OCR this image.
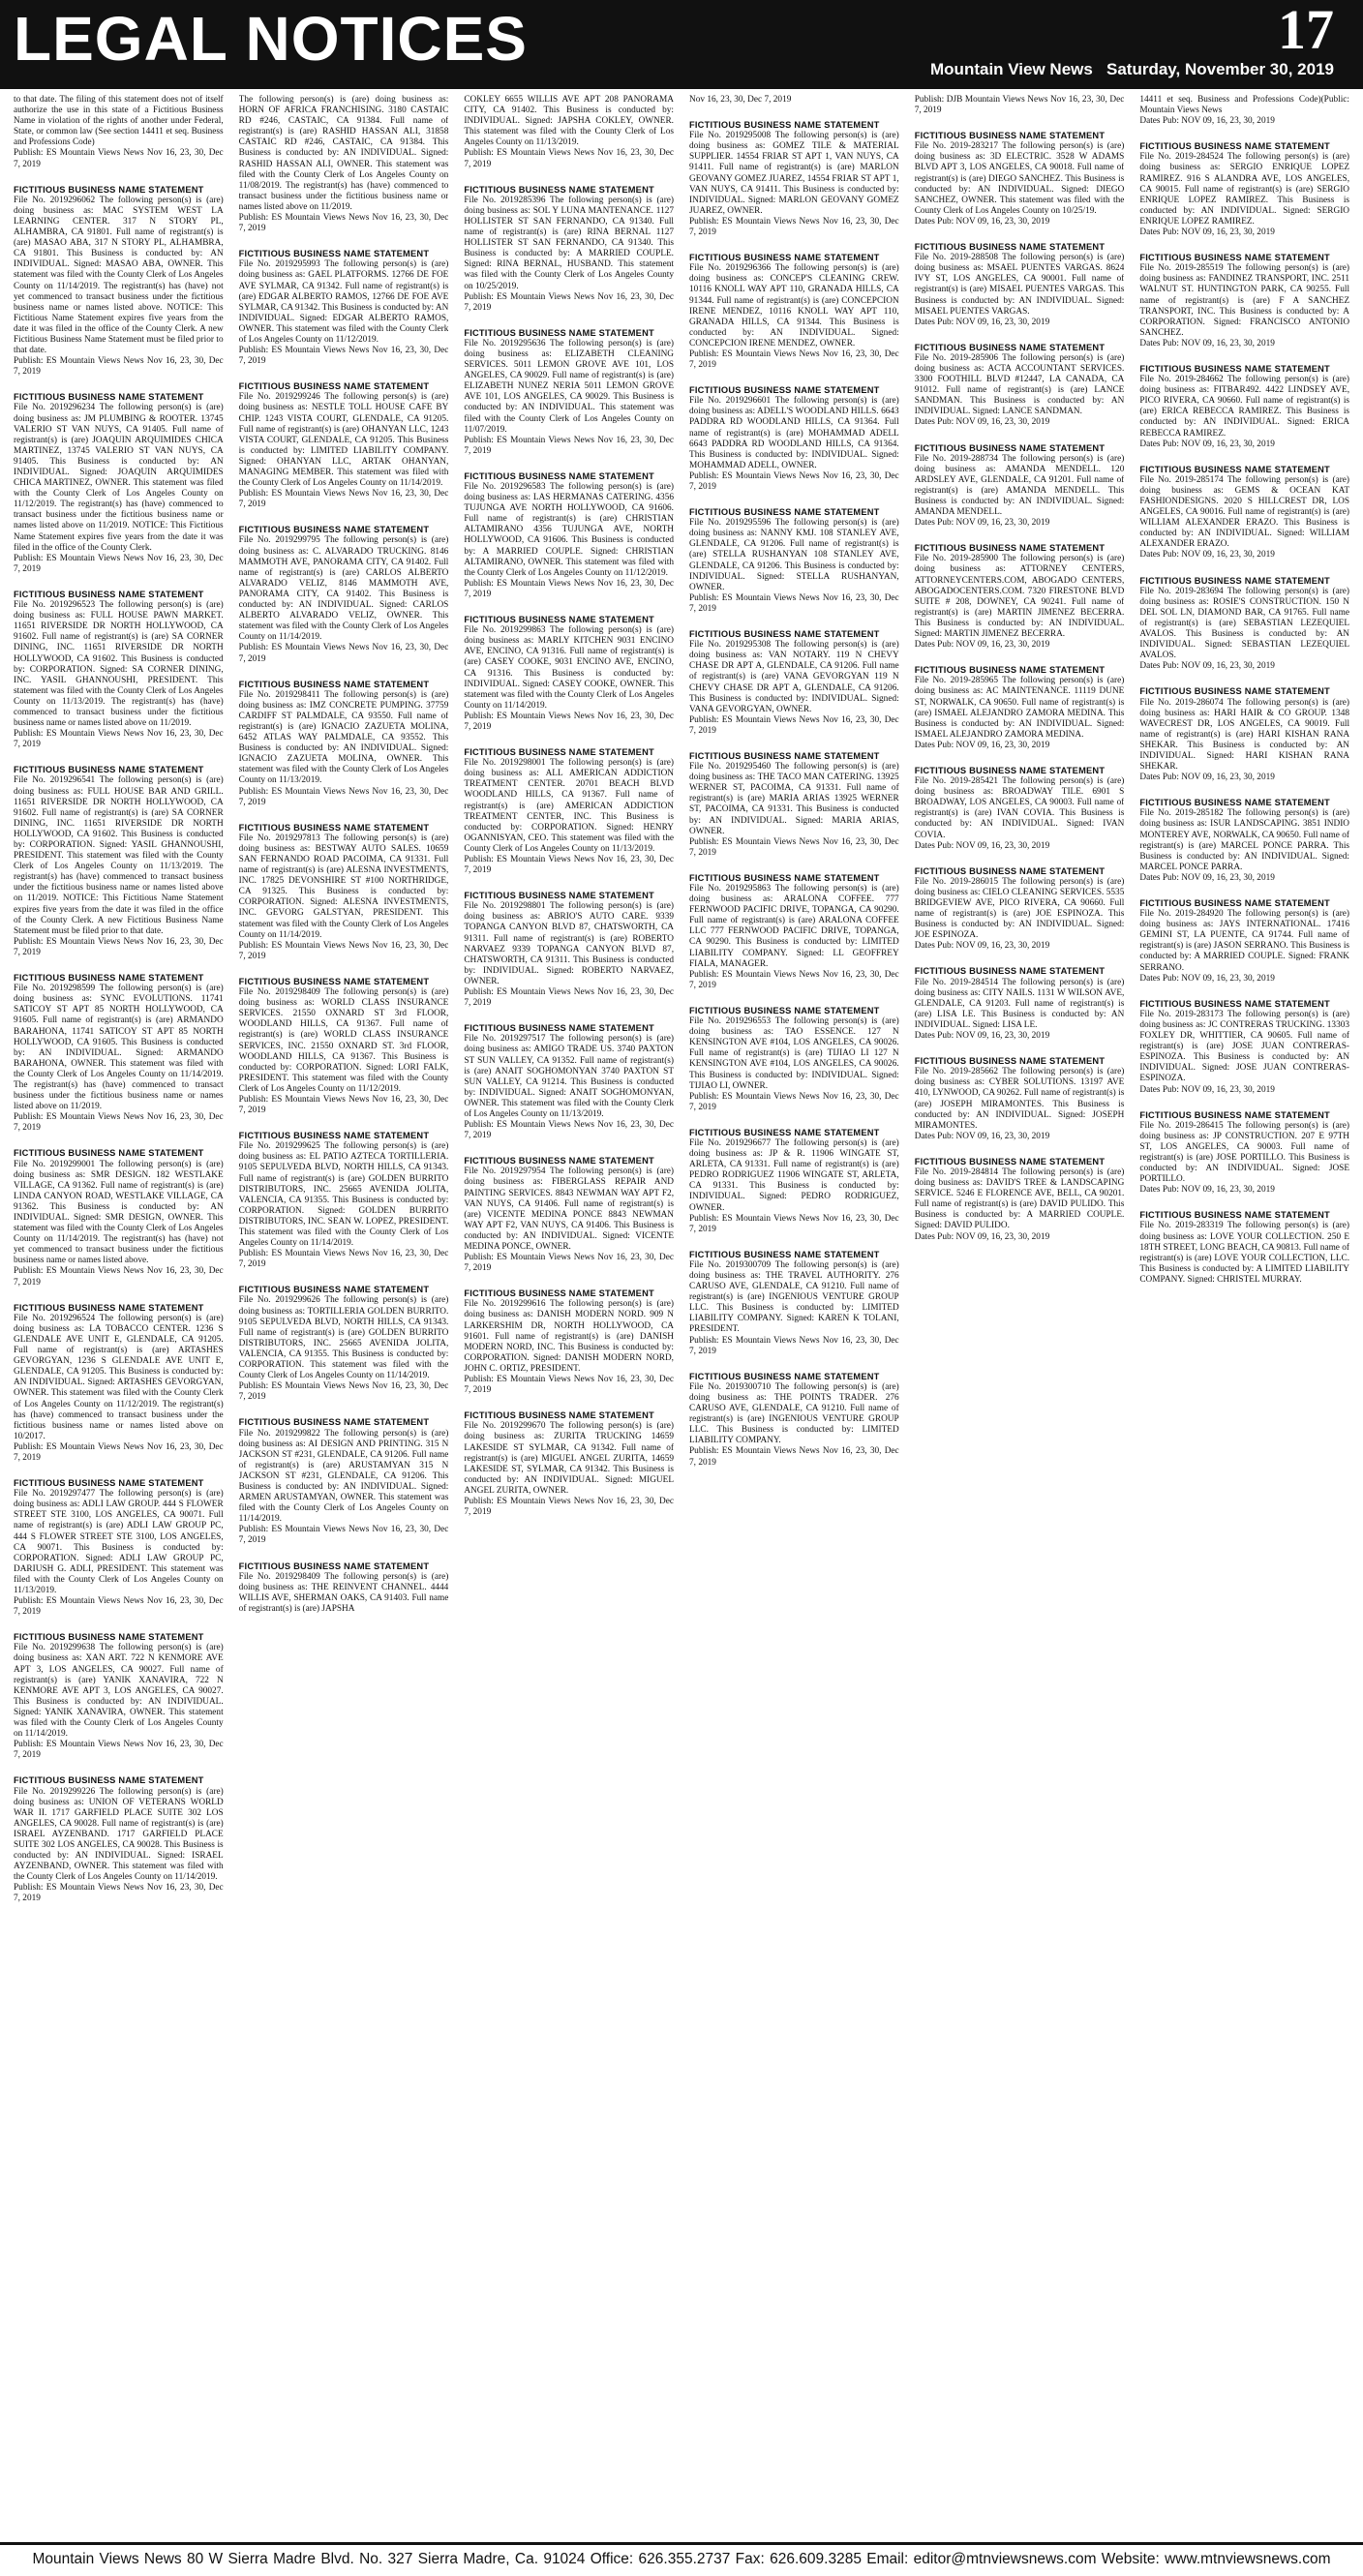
LEGAL NOTICES	17
Mountain View News Saturday, November 30, 2019
to that date. The filing of this statement does not of itself authorize the use in this state of a Fictitious Business Name in violation of the rights of another under Federal, State, or common law (See section 14411 et seq. Business and Professions Code)
Publish: ES Mountain Views News Nov 16, 23, 30, Dec 7, 2019
FICTITIOUS BUSINESS NAME STATEMENT
File No. 2019296062 The following person(s) is (are) doing business as: MAC SYSTEM WEST LA LEARNING CENTER. 317 N STORY PL, ALHAMBRA, CA 91801. Full name of registrant(s) is (are) MASAO ABA, 317 N STORY PL, ALHAMBRA, CA 91801. This Business is conducted by: AN INDIVIDUAL. Signed: MASAO ABA, OWNER. This statement was filed with the County Clerk of Los Angeles County on 11/14/2019. The registrant(s) has (have) not yet commenced to transact business under the fictitious business name or names listed above. NOTICE: This Fictitious Name Statement expires five years from the date it was filed in the office of the County Clerk. A new Fictitious Business Name Statement must be filed prior to that date.
Publish: ES Mountain Views News Nov 16, 23, 30, Dec 7, 2019
FICTITIOUS BUSINESS NAME STATEMENT
File No. 2019296234 The following person(s) is (are) doing business as: JM PLUMBING & ROOTER. 13745 VALERIO ST VAN NUYS, CA 91405. Full name of registrant(s) is (are) JOAQUIN ARQUIMIDES CHICA MARTINEZ, 13745 VALERIO ST VAN NUYS, CA 91405. This Business is conducted by: AN INDIVIDUAL. Signed: JOAQUIN ARQUIMIDES CHICA MARTINEZ, OWNER. This statement was filed with the County Clerk of Los Angeles County on 11/12/2019. The registrant(s) has (have) commenced to transact business under the fictitious business name or names listed above on 11/2019. NOTICE: This Fictitious Name Statement expires five years from the date it was filed in the office of the County Clerk.
Publish: ES Mountain Views News Nov 16, 23, 30, Dec 7, 2019
FICTITIOUS BUSINESS NAME STATEMENT
File No. 2019296523 The following person(s) is (are) doing business as: FULL HOUSE PAWN MARKET. 11651 RIVERSIDE DR NORTH HOLLYWOOD, CA 91602. Full name of registrant(s) is (are) SA CORNER DINING, INC. 11651 RIVERSIDE DR NORTH HOLLYWOOD, CA 91602. This Business is conducted by: CORPORATION. Signed: SA CORNER DINING, INC. YASIL GHANNOUSHI, PRESIDENT. This statement was filed with the County Clerk of Los Angeles County on 11/13/2019. The registrant(s) has (have) commenced to transact business under the fictitious business name or names listed above on 11/2019.
Publish: ES Mountain Views News Nov 16, 23, 30, Dec 7, 2019
FICTITIOUS BUSINESS NAME STATEMENT
File No. 2019296541 The following person(s) is (are) doing business as: FULL HOUSE BAR AND GRILL. 11651 RIVERSIDE DR NORTH HOLLYWOOD, CA 91602. Full name of registrant(s) is (are) SA CORNER DINING, INC. 11651 RIVERSIDE DR NORTH HOLLYWOOD, CA 91602. This Business is conducted by: CORPORATION. Signed: YASIL GHANNOUSHI, PRESIDENT. This statement was filed with the County Clerk of Los Angeles County on 11/13/2019. The registrant(s) has (have) commenced to transact business under the fictitious business name or names listed above on 11/2019. NOTICE: This Fictitious Name Statement expires five years from the date it was filed in the office of the County Clerk. A new Fictitious Business Name Statement must be filed prior to that date.
Publish: ES Mountain Views News Nov 16, 23, 30, Dec 7, 2019
FICTITIOUS BUSINESS NAME STATEMENT
File No. 2019298599 The following person(s) is (are) doing business as: SYNC EVOLUTIONS. 11741 SATICOY ST APT 85 NORTH HOLLYWOOD, CA 91605. Full name of registrant(s) is (are) ARMANDO BARAHONA, 11741 SATICOY ST APT 85 NORTH HOLLYWOOD, CA 91605. This Business is conducted by: AN INDIVIDUAL. Signed: ARMANDO BARAHONA, OWNER. This statement was filed with the County Clerk of Los Angeles County on 11/14/2019. The registrant(s) has (have) commenced to transact business under the fictitious business name or names listed above on 11/2019.
Publish: ES Mountain Views News Nov 16, 23, 30, Dec 7, 2019
FICTITIOUS BUSINESS NAME STATEMENT
File No. 2019299001 The following person(s) is (are) doing business as: SMR DESIGN. 182 WESTLAKE VILLAGE, CA 91362. Full name of registrant(s) is (are) LINDA CANYON ROAD, WESTLAKE VILLAGE, CA 91362. This Business is conducted by: AN INDIVIDUAL. Signed: SMR DESIGN, OWNER. This statement was filed with the County Clerk of Los Angeles County on 11/14/2019. The registrant(s) has (have) not yet commenced to transact business under the fictitious business name or names listed above.
Publish: ES Mountain Views News Nov 16, 23, 30, Dec 7, 2019
FICTITIOUS BUSINESS NAME STATEMENT
File No. 2019296524 The following person(s) is (are) doing business as: LA TOBACCO CENTER. 1236 S GLENDALE AVE UNIT E, GLENDALE, CA 91205. Full name of registrant(s) is (are) ARTASHES GEVORGYAN, 1236 S GLENDALE AVE UNIT E, GLENDALE, CA 91205. This Business is conducted by: AN INDIVIDUAL. Signed: ARTASHES GEVORGYAN, OWNER. This statement was filed with the County Clerk of Los Angeles County on 11/12/2019. The registrant(s) has (have) commenced to transact business under the fictitious business name or names listed above on 10/2017.
Publish: ES Mountain Views News Nov 16, 23, 30, Dec 7, 2019
FICTITIOUS BUSINESS NAME STATEMENT
File No. 2019297477 The following person(s) is (are) doing business as: ADLI LAW GROUP. 444 S FLOWER STREET STE 3100, LOS ANGELES, CA 90071. Full name of registrant(s) is (are) ADLI LAW GROUP PC, 444 S FLOWER STREET STE 3100, LOS ANGELES, CA 90071. This Business is conducted by: CORPORATION. Signed: ADLI LAW GROUP PC, DARIUSH G. ADLI, PRESIDENT. This statement was filed with the County Clerk of Los Angeles County on 11/13/2019.
Publish: ES Mountain Views News Nov 16, 23, 30, Dec 7, 2019
FICTITIOUS BUSINESS NAME STATEMENT
File No. 2019299638 The following person(s) is (are) doing business as: XAN ART. 722 N KENMORE AVE APT 3, LOS ANGELES, CA 90027. Full name of registrant(s) is (are) YANIK XANAVIRA, 722 N KENMORE AVE APT 3, LOS ANGELES, CA 90027. This Business is conducted by: AN INDIVIDUAL. Signed: YANIK XANAVIRA, OWNER. This statement was filed with the County Clerk of Los Angeles County on 11/14/2019.
Publish: ES Mountain Views News Nov 16, 23, 30, Dec 7, 2019
FICTITIOUS BUSINESS NAME STATEMENT
File No. 2019299226 The following person(s) is (are) doing business as: UNION OF VETERANS WORLD WAR II. 1717 GARFIELD PLACE SUITE 302 LOS ANGELES, CA 90028. Full name of registrant(s) is (are) ISRAEL AYZENBAND. 1717 GARFIELD PLACE SUITE 302 LOS ANGELES, CA 90028. This Business is conducted by: AN INDIVIDUAL. Signed: ISRAEL AYZENBAND, OWNER. This statement was filed with the County Clerk of Los Angeles County on 11/14/2019.
Publish: ES Mountain Views News Nov 16, 23, 30, Dec 7, 2019
The following person(s) is (are) doing business as: HORN OF AFRICA FRANCHISING. 3180 CASTAIC RD #246, CASTAIC, CA 91384. Full name of registrant(s) is (are) RASHID HASSAN ALI, 31858 CASTAIC RD #246, CASTAIC, CA 91384. This Business is conducted by: AN INDIVIDUAL. Signed: RASHID HASSAN ALI, OWNER. This statement was filed with the County Clerk of Los Angeles County on 11/08/2019. The registrant(s) has (have) commenced to transact business under the fictitious business name or names listed above on 11/2019.
Publish: ES Mountain Views News Nov 16, 23, 30, Dec 7, 2019
FICTITIOUS BUSINESS NAME STATEMENT
File No. 2019295993 The following person(s) is (are) doing business as: GAEL PLATFORMS. 12766 DE FOE AVE SYLMAR, CA 91342. Full name of registrant(s) is (are) EDGAR ALBERTO RAMOS, 12766 DE FOE AVE SYLMAR, CA 91342. This Business is conducted by: AN INDIVIDUAL. Signed: EDGAR ALBERTO RAMOS, OWNER. This statement was filed with the County Clerk of Los Angeles County on 11/12/2019.
Publish: ES Mountain Views News Nov 16, 23, 30, Dec 7, 2019
FICTITIOUS BUSINESS NAME STATEMENT
File No. 2019299246 The following person(s) is (are) doing business as: NESTLE TOLL HOUSE CAFE BY CHIP. 1243 VISTA COURT, GLENDALE, CA 91205. Full name of registrant(s) is (are) OHANYAN LLC, 1243 VISTA COURT, GLENDALE, CA 91205. This Business is conducted by: LIMITED LIABILITY COMPANY. Signed: OHANYAN LLC, ARTAK OHANYAN, MANAGING MEMBER. This statement was filed with the County Clerk of Los Angeles County on 11/14/2019.
Publish: ES Mountain Views News Nov 16, 23, 30, Dec 7, 2019
FICTITIOUS BUSINESS NAME STATEMENT
File No. 2019299795 The following person(s) is (are) doing business as: C. ALVARADO TRUCKING. 8146 MAMMOTH AVE, PANORAMA CITY, CA 91402. Full name of registrant(s) is (are) CARLOS ALBERTO ALVARADO VELIZ, 8146 MAMMOTH AVE, PANORAMA CITY, CA 91402. This Business is conducted by: AN INDIVIDUAL. Signed: CARLOS ALBERTO ALVARADO VELIZ, OWNER. This statement was filed with the County Clerk of Los Angeles County on 11/14/2019.
Publish: ES Mountain Views News Nov 16, 23, 30, Dec 7, 2019
FICTITIOUS BUSINESS NAME STATEMENT
File No. 2019298411 The following person(s) is (are) doing business as: IMZ CONCRETE PUMPING. 37759 CARDIFF ST PALMDALE, CA 93550. Full name of registrant(s) is (are) IGNACIO ZAZUETA MOLINA, 6452 ATLAS WAY PALMDALE, CA 93552. This Business is conducted by: AN INDIVIDUAL. Signed: IGNACIO ZAZUETA MOLINA, OWNER. This statement was filed with the County Clerk of Los Angeles County on 11/13/2019.
Publish: ES Mountain Views News Nov 16, 23, 30, Dec 7, 2019
FICTITIOUS BUSINESS NAME STATEMENT
File No. 2019297813 The following person(s) is (are) doing business as: BESTWAY AUTO SALES. 10659 SAN FERNANDO ROAD PACOIMA, CA 91331. Full name of registrant(s) is (are) ALESNA INVESTMENTS, INC. 17825 DEVONSHIRE ST #100 NORTHRIDGE, CA 91325. This Business is conducted by: CORPORATION. Signed: ALESNA INVESTMENTS, INC. GEVORG GALSTYAN, PRESIDENT. This statement was filed with the County Clerk of Los Angeles County on 11/14/2019.
Publish: ES Mountain Views News Nov 16, 23, 30, Dec 7, 2019
FICTITIOUS BUSINESS NAME STATEMENT
File No. 2019298409 The following person(s) is (are) doing business as: WORLD CLASS INSURANCE SERVICES. 21550 OXNARD ST 3rd FLOOR, WOODLAND HILLS, CA 91367. Full name of registrant(s) is (are) WORLD CLASS INSURANCE SERVICES, INC. 21550 OXNARD ST. 3rd FLOOR, WOODLAND HILLS, CA 91367. This Business is conducted by: CORPORATION. Signed: LORI FALK, PRESIDENT. This statement was filed with the County Clerk of Los Angeles County on 11/12/2019.
Publish: ES Mountain Views News Nov 16, 23, 30, Dec 7, 2019
FICTITIOUS BUSINESS NAME STATEMENT
File No. 2019299625 The following person(s) is (are) doing business as: EL PATIO AZTECA TORTILLERIA. 9105 SEPULVEDA BLVD, NORTH HILLS, CA 91343. Full name of registrant(s) is (are) GOLDEN BURRITO DISTRIBUTORS, INC. 25665 AVENIDA JOLITA, VALENCIA, CA 91355. This Business is conducted by: CORPORATION. Signed: GOLDEN BURRITO DISTRIBUTORS, INC. SEAN W. LOPEZ, PRESIDENT. This statement was filed with the County Clerk of Los Angeles County on 11/14/2019.
Publish: ES Mountain Views News Nov 16, 23, 30, Dec 7, 2019
FICTITIOUS BUSINESS NAME STATEMENT
File No. 2019299626 The following person(s) is (are) doing business as: TORTILLERIA GOLDEN BURRITO. 9105 SEPULVEDA BLVD, NORTH HILLS, CA 91343. Full name of registrant(s) is (are) GOLDEN BURRITO DISTRIBUTORS, INC. 25665 AVENIDA JOLITA, VALENCIA, CA 91355. This Business is conducted by: CORPORATION. This statement was filed with the County Clerk of Los Angeles County on 11/14/2019.
Publish: ES Mountain Views News Nov 16, 23, 30, Dec 7, 2019
FICTITIOUS BUSINESS NAME STATEMENT
File No. 2019299822 The following person(s) is (are) doing business as: AI DESIGN AND PRINTING. 315 N JACKSON ST #231, GLENDALE, CA 91206. Full name of registrant(s) is (are) ARUSTAMYAN 315 N JACKSON ST #231, GLENDALE, CA 91206. This Business is conducted by: AN INDIVIDUAL. Signed: ARMEN ARUSTAMYAN, OWNER. This statement was filed with the County Clerk of Los Angeles County on 11/14/2019.
Publish: ES Mountain Views News Nov 16, 23, 30, Dec 7, 2019
FICTITIOUS BUSINESS NAME STATEMENT
File No. 2019298409 The following person(s) is (are) doing business as: THE REINVENT CHANNEL. 4444 WILLIS AVE, SHERMAN OAKS, CA 91403. Full name of registrant(s) is (are) JAPSHA
COKLEY 6655 WILLIS AVE APT 208 PANORAMA CITY, CA 91402. This Business is conducted by: INDIVIDUAL. Signed: JAPSHA COKLEY, OWNER. This statement was filed with the County Clerk of Los Angeles County on 11/13/2019.
Publish: ES Mountain Views News Nov 16, 23, 30, Dec 7, 2019
FICTITIOUS BUSINESS NAME STATEMENT
File No. 2019285396 The following person(s) is (are) doing business as: SOL Y LUNA MANTENANCE. 1127 HOLLISTER ST SAN FERNANDO, CA 91340. Full name of registrant(s) is (are) RINA BERNAL 1127 HOLLISTER ST SAN FERNANDO, CA 91340. This Business is conducted by: A MARRIED COUPLE. Signed: RINA BERNAL, HUSBAND. This statement was filed with the County Clerk of Los Angeles County on 10/25/2019.
Publish: ES Mountain Views News Nov 16, 23, 30, Dec 7, 2019
FICTITIOUS BUSINESS NAME STATEMENT
File No. 2019295636 The following person(s) is (are) doing business as: ELIZABETH CLEANING SERVICES. 5011 LEMON GROVE AVE 101, LOS ANGELES, CA 90029. Full name of registrant(s) is (are) ELIZABETH NUNEZ NERIA 5011 LEMON GROVE AVE 101, LOS ANGELES, CA 90029. This Business is conducted by: AN INDIVIDUAL. This statement was filed with the County Clerk of Los Angeles County on 11/07/2019.
Publish: ES Mountain Views News Nov 16, 23, 30, Dec 7, 2019
FICTITIOUS BUSINESS NAME STATEMENT
File No. 2019296583 The following person(s) is (are) doing business as: LAS HERMANAS CATERING. 4356 TUJUNGA AVE NORTH HOLLYWOOD, CA 91606. Full name of registrant(s) is (are) CHRISTIAN ALTAMIRANO 4356 TUJUNGA AVE, NORTH HOLLYWOOD, CA 91606. This Business is conducted by: A MARRIED COUPLE. Signed: CHRISTIAN ALTAMIRANO, OWNER. This statement was filed with the County Clerk of Los Angeles County on 11/12/2019.
Publish: ES Mountain Views News Nov 16, 23, 30, Dec 7, 2019
FICTITIOUS BUSINESS NAME STATEMENT
File No. 2019299863 The following person(s) is (are) doing business as: MARLY KITCHEN 9031 ENCINO AVE, ENCINO, CA 91316. Full name of registrant(s) is (are) CASEY COOKE, 9031 ENCINO AVE, ENCINO, CA 91316. This Business is conducted by: INDIVIDUAL. Signed: CASEY COOKE, OWNER. This statement was filed with the County Clerk of Los Angeles County on 11/14/2019.
Publish: ES Mountain Views News Nov 16, 23, 30, Dec 7, 2019
FICTITIOUS BUSINESS NAME STATEMENT
File No. 2019298001 The following person(s) is (are) doing business as: ALL AMERICAN ADDICTION TREATMENT CENTER. 20701 BEACH BLVD WOODLAND HILLS, CA 91367. Full name of registrant(s) is (are) AMERICAN ADDICTION TREATMENT CENTER, INC. This Business is conducted by: CORPORATION. Signed: HENRY OGANNISYAN, CEO. This statement was filed with the County Clerk of Los Angeles County on 11/13/2019.
Publish: ES Mountain Views News Nov 16, 23, 30, Dec 7, 2019
FICTITIOUS BUSINESS NAME STATEMENT
File No. 2019298801 The following person(s) is (are) doing business as: ABRIO'S AUTO CARE. 9339 TOPANGA CANYON BLVD 87, CHATSWORTH, CA 91311. Full name of registrant(s) is (are) ROBERTO NARVAEZ 9339 TOPANGA CANYON BLVD 87, CHATSWORTH, CA 91311. This Business is conducted by: INDIVIDUAL. Signed: ROBERTO NARVAEZ, OWNER.
Publish: ES Mountain Views News Nov 16, 23, 30, Dec 7, 2019
FICTITIOUS BUSINESS NAME STATEMENT
File No. 2019297517 The following person(s) is (are) doing business as: AMIGO TRADE US. 3740 PAXTON ST SUN VALLEY, CA 91352. Full name of registrant(s) is (are) ANAIT SOGHOMONYAN 3740 PAXTON ST SUN VALLEY, CA 91214. This Business is conducted by: INDIVIDUAL. Signed: ANAIT SOGHOMONYAN, OWNER. This statement was filed with the County Clerk of Los Angeles County on 11/13/2019.
Publish: ES Mountain Views News Nov 16, 23, 30, Dec 7, 2019
FICTITIOUS BUSINESS NAME STATEMENT
File No. 2019297954 The following person(s) is (are) doing business as: FIBERGLASS REPAIR AND PAINTING SERVICES. 8843 NEWMAN WAY APT F2, VAN NUYS, CA 91406. Full name of registrant(s) is (are) VICENTE MEDINA PONCE 8843 NEWMAN WAY APT F2, VAN NUYS, CA 91406. This Business is conducted by: AN INDIVIDUAL. Signed: VICENTE MEDINA PONCE, OWNER.
Publish: ES Mountain Views News Nov 16, 23, 30, Dec 7, 2019
FICTITIOUS BUSINESS NAME STATEMENT
File No. 2019299616 The following person(s) is (are) doing business as: DANISH MODERN NORD. 909 N LARKERSHIM DR, NORTH HOLLYWOOD, CA 91601. Full name of registrant(s) is (are) DANISH MODERN NORD, INC. This Business is conducted by: CORPORATION. Signed: DANISH MODERN NORD, JOHN C. ORTIZ, PRESIDENT.
Publish: ES Mountain Views News Nov 16, 23, 30, Dec 7, 2019
FICTITIOUS BUSINESS NAME STATEMENT
File No. 2019299670 The following person(s) is (are) doing business as: ZURITA TRUCKING 14659 LAKESIDE ST SYLMAR, CA 91342. Full name of registrant(s) is (are) MIGUEL ANGEL ZURITA, 14659 LAKESIDE ST, SYLMAR, CA 91342. This Business is conducted by: AN INDIVIDUAL. Signed: MIGUEL ANGEL ZURITA, OWNER.
Publish: ES Mountain Views News Nov 16, 23, 30, Dec 7, 2019
Nov 16, 23, 30, Dec 7, 2019
FICTITIOUS BUSINESS NAME STATEMENT
File No. 2019295008 The following person(s) is (are) doing business as: GOMEZ TILE & MATERIAL SUPPLIER. 14554 FRIAR ST APT 1, VAN NUYS, CA 91411. Full name of registrant(s) is (are) MARLON GEOVANY GOMEZ JUAREZ, 14554 FRIAR ST APT 1, VAN NUYS, CA 91411. This Business is conducted by: INDIVIDUAL. Signed: MARLON GEOVANY GOMEZ JUAREZ, OWNER.
Publish: ES Mountain Views News Nov 16, 23, 30, Dec 7, 2019
FICTITIOUS BUSINESS NAME STATEMENT
File No. 2019296366 The following person(s) is (are) doing business as: CONCEP'S CLEANING CREW. 10116 KNOLL WAY APT 110, GRANADA HILLS, CA 91344. Full name of registrant(s) is (are) CONCEPCION IRENE MENDEZ, 10116 KNOLL WAY APT 110, GRANADA HILLS, CA 91344. This Business is conducted by: AN INDIVIDUAL. Signed: CONCEPCION IRENE MENDEZ, OWNER.
Publish: ES Mountain Views News Nov 16, 23, 30, Dec 7, 2019
FICTITIOUS BUSINESS NAME STATEMENT
File No. 2019296601 The following person(s) is (are) doing business as: ADELL'S WOODLAND HILLS. 6643 PADDRA RD WOODLAND HILLS, CA 91364. Full name of registrant(s) is (are) MOHAMMAD ADELL 6643 PADDRA RD WOODLAND HILLS, CA 91364. This Business is conducted by: INDIVIDUAL. Signed: MOHAMMAD ADELL, OWNER.
Publish: ES Mountain Views News Nov 16, 23, 30, Dec 7, 2019
FICTITIOUS BUSINESS NAME STATEMENT
File No. 2019295596 The following person(s) is (are) doing business as: NANNY KMJ. 108 STANLEY AVE, GLENDALE, CA 91206. Full name of registrant(s) is (are) STELLA RUSHANYAN 108 STANLEY AVE, GLENDALE, CA 91206. This Business is conducted by: INDIVIDUAL. Signed: STELLA RUSHANYAN, OWNER.
Publish: ES Mountain Views News Nov 16, 23, 30, Dec 7, 2019
FICTITIOUS BUSINESS NAME STATEMENT
File No. 2019295308 The following person(s) is (are) doing business as: VAN NOTARY. 119 N CHEVY CHASE DR APT A, GLENDALE, CA 91206. Full name of registrant(s) is (are) VANA GEVORGYAN 119 N CHEVY CHASE DR APT A, GLENDALE, CA 91206. This Business is conducted by: INDIVIDUAL. Signed: VANA GEVORGYAN, OWNER.
Publish: ES Mountain Views News Nov 16, 23, 30, Dec 7, 2019
FICTITIOUS BUSINESS NAME STATEMENT
File No. 2019295460 The following person(s) is (are) doing business as: THE TACO MAN CATERING. 13925 WERNER ST, PACOIMA, CA 91331. Full name of registrant(s) is (are) MARIA ARIAS 13925 WERNER ST, PACOIMA, CA 91331. This Business is conducted by: AN INDIVIDUAL. Signed: MARIA ARIAS, OWNER.
Publish: ES Mountain Views News Nov 16, 23, 30, Dec 7, 2019
FICTITIOUS BUSINESS NAME STATEMENT
File No. 2019295863 The following person(s) is (are) doing business as: ARALONA COFFEE. 777 FERNWOOD PACIFIC DRIVE, TOPANGA, CA 90290. Full name of registrant(s) is (are) ARALONA COFFEE LLC 777 FERNWOOD PACIFIC DRIVE, TOPANGA, CA 90290. This Business is conducted by: LIMITED LIABILITY COMPANY. Signed: LL GEOFFREY FIALA, MANAGER.
Publish: ES Mountain Views News Nov 16, 23, 30, Dec 7, 2019
FICTITIOUS BUSINESS NAME STATEMENT
File No. 2019296553 The following person(s) is (are) doing business as: TAO ESSENCE. 127 N KENSINGTON AVE #104, LOS ANGELES, CA 90026. Full name of registrant(s) is (are) TIJIAO LI 127 N KENSINGTON AVE #104, LOS ANGELES, CA 90026. This Business is conducted by: INDIVIDUAL. Signed: TIJIAO LI, OWNER.
Publish: ES Mountain Views News Nov 16, 23, 30, Dec 7, 2019
FICTITIOUS BUSINESS NAME STATEMENT
File No. 2019296677 The following person(s) is (are) doing business as: JP & R. 11906 WINGATE ST, ARLETA, CA 91331. Full name of registrant(s) is (are) PEDRO RODRIGUEZ 11906 WINGATE ST, ARLETA, CA 91331. This Business is conducted by: INDIVIDUAL. Signed: PEDRO RODRIGUEZ, OWNER.
Publish: ES Mountain Views News Nov 16, 23, 30, Dec 7, 2019
FICTITIOUS BUSINESS NAME STATEMENT
File No. 2019300709 The following person(s) is (are) doing business as: THE TRAVEL AUTHORITY. 276 CARUSO AVE, GLENDALE, CA 91210. Full name of registrant(s) is (are) INGENIOUS VENTURE GROUP LLC. This Business is conducted by: LIMITED LIABILITY COMPANY. Signed: KAREN K TOLANI, PRESIDENT.
Publish: ES Mountain Views News Nov 16, 23, 30, Dec 7, 2019
FICTITIOUS BUSINESS NAME STATEMENT
File No. 2019300710 The following person(s) is (are) doing business as: THE POINTS TRADER. 276 CARUSO AVE, GLENDALE, CA 91210. Full name of registrant(s) is (are) INGENIOUS VENTURE GROUP LLC. This Business is conducted by: LIMITED LIABILITY COMPANY.
Publish: ES Mountain Views News Nov 16, 23, 30, Dec 7, 2019
Publish: DJB Mountain Views News Nov 16, 23, 30, Dec 7, 2019
FICTITIOUS BUSINESS NAME STATEMENT
File No. 2019-283217 The following person(s) is (are) doing business as: 3D ELECTRIC. 3528 W ADAMS BLVD APT 3, LOS ANGELES, CA 90018. Full name of registrant(s) is (are) DIEGO SANCHEZ. This Business is conducted by: AN INDIVIDUAL. Signed: DIEGO SANCHEZ, OWNER. This statement was filed with the County Clerk of Los Angeles County on 10/25/19.
Dates Pub: NOV 09, 16, 23, 30, 2019
FICTITIOUS BUSINESS NAME STATEMENT
File No. 2019-288508 The following person(s) is (are) doing business as: MSAEL PUENTES VARGAS. 8624 IVY ST, LOS ANGELES, CA 90001. Full name of registrant(s) is (are) MISAEL PUENTES VARGAS. This Business is conducted by: AN INDIVIDUAL. Signed: MISAEL PUENTES VARGAS.
Dates Pub: NOV 09, 16, 23, 30, 2019
FICTITIOUS BUSINESS NAME STATEMENT
File No. 2019-285906 The following person(s) is (are) doing business as: ACTA ACCOUNTANT SERVICES. 3300 FOOTHILL BLVD #12447, LA CANADA, CA 91012. Full name of registrant(s) is (are) LANCE SANDMAN. This Business is conducted by: AN INDIVIDUAL. Signed: LANCE SANDMAN.
Dates Pub: NOV 09, 16, 23, 30, 2019
FICTITIOUS BUSINESS NAME STATEMENT
File No. 2019-288734 The following person(s) is (are) doing business as: AMANDA MENDELL. 120 ARDSLEY AVE, GLENDALE, CA 91201. Full name of registrant(s) is (are) AMANDA MENDELL. This Business is conducted by: AN INDIVIDUAL. Signed: AMANDA MENDELL.
Dates Pub: NOV 09, 16, 23, 30, 2019
FICTITIOUS BUSINESS NAME STATEMENT
File No. 2019-285900 The following person(s) is (are) doing business as: ATTORNEY CENTERS, ATTORNEYCENTERS.COM, ABOGADO CENTERS, ABOGADOCENTERS.COM. 7320 FIRESTONE BLVD SUITE # 208, DOWNEY, CA 90241. Full name of registrant(s) is (are) MARTIN JIMENEZ BECERRA. This Business is conducted by: AN INDIVIDUAL. Signed: MARTIN JIMENEZ BECERRA.
Dates Pub: NOV 09, 16, 23, 30, 2019
FICTITIOUS BUSINESS NAME STATEMENT
File No. 2019-285965 The following person(s) is (are) doing business as: AC MAINTENANCE. 11119 DUNE ST, NORWALK, CA 90650. Full name of registrant(s) is (are) ISMAEL ALEJANDRO ZAMORA MEDINA. This Business is conducted by: AN INDIVIDUAL. Signed: ISMAEL ALEJANDRO ZAMORA MEDINA.
Dates Pub: NOV 09, 16, 23, 30, 2019
FICTITIOUS BUSINESS NAME STATEMENT
File No. 2019-285421 The following person(s) is (are) doing business as: BROADWAY TILE. 6901 S BROADWAY, LOS ANGELES, CA 90003. Full name of registrant(s) is (are) IVAN COVIA. This Business is conducted by: AN INDIVIDUAL. Signed: IVAN COVIA.
Dates Pub: NOV 09, 16, 23, 30, 2019
FICTITIOUS BUSINESS NAME STATEMENT
File No. 2019-286015 The following person(s) is (are) doing business as: CIELO CLEANING SERVICES. 5535 BRIDGEVIEW AVE, PICO RIVERA, CA 90660. Full name of registrant(s) is (are) JOE ESPINOZA. This Business is conducted by: AN INDIVIDUAL. Signed: JOE ESPINOZA.
Dates Pub: NOV 09, 16, 23, 30, 2019
FICTITIOUS BUSINESS NAME STATEMENT
File No. 2019-284514 The following person(s) is (are) doing business as: CITY NAILS. 1131 W WILSON AVE, GLENDALE, CA 91203. Full name of registrant(s) is (are) LISA LE. This Business is conducted by: AN INDIVIDUAL. Signed: LISA LE.
Dates Pub: NOV 09, 16, 23, 30, 2019
FICTITIOUS BUSINESS NAME STATEMENT
File No. 2019-285662 The following person(s) is (are) doing business as: CYBER SOLUTIONS. 13197 AVE 410, LYNWOOD, CA 90262. Full name of registrant(s) is (are) JOSEPH MIRAMONTES. This Business is conducted by: AN INDIVIDUAL. Signed: JOSEPH MIRAMONTES.
Dates Pub: NOV 09, 16, 23, 30, 2019
FICTITIOUS BUSINESS NAME STATEMENT
File No. 2019-284814 The following person(s) is (are) doing business as: DAVID'S TREE & LANDSCAPING SERVICE. 5246 E FLORENCE AVE, BELL, CA 90201. Full name of registrant(s) is (are) DAVID PULIDO. This Business is conducted by: A MARRIED COUPLE. Signed: DAVID PULIDO.
Dates Pub: NOV 09, 16, 23, 30, 2019
14411 et seq. Business and Professions Code)(Public: Mountain Views News
Dates Pub: NOV 09, 16, 23, 30, 2019
FICTITIOUS BUSINESS NAME STATEMENT
File No. 2019-284524 The following person(s) is (are) doing business as: SERGIO ENRIQUE LOPEZ RAMIREZ. 916 S ALANDRA AVE, LOS ANGELES, CA 90015. Full name of registrant(s) is (are) SERGIO ENRIQUE LOPEZ RAMIREZ. This Business is conducted by: AN INDIVIDUAL. Signed: SERGIO ENRIQUE LOPEZ RAMIREZ.
Dates Pub: NOV 09, 16, 23, 30, 2019
FICTITIOUS BUSINESS NAME STATEMENT
File No. 2019-285519 The following person(s) is (are) doing business as: FANDINEZ TRANSPORT, INC. 2511 WALNUT ST. HUNTINGTON PARK, CA 90255. Full name of registrant(s) is (are) F A SANCHEZ TRANSPORT, INC. This Business is conducted by: A CORPORATION. Signed: FRANCISCO ANTONIO SANCHEZ.
Dates Pub: NOV 09, 16, 23, 30, 2019
FICTITIOUS BUSINESS NAME STATEMENT
File No. 2019-284662 The following person(s) is (are) doing business as: FITBAR492. 4422 LINDSEY AVE, PICO RIVERA, CA 90660. Full name of registrant(s) is (are) ERICA REBECCA RAMIREZ. This Business is conducted by: AN INDIVIDUAL. Signed: ERICA REBECCA RAMIREZ.
Dates Pub: NOV 09, 16, 23, 30, 2019
FICTITIOUS BUSINESS NAME STATEMENT
File No. 2019-285174 The following person(s) is (are) doing business as: GEMS & OCEAN KAT FASHIONDESIGNS. 2020 S HILLCREST DR, LOS ANGELES, CA 90016. Full name of registrant(s) is (are) WILLIAM ALEXANDER ERAZO. This Business is conducted by: AN INDIVIDUAL. Signed: WILLIAM ALEXANDER ERAZO.
Dates Pub: NOV 09, 16, 23, 30, 2019
FICTITIOUS BUSINESS NAME STATEMENT
File No. 2019-283694 The following person(s) is (are) doing business as: ROSIE'S CONSTRUCTION. 150 N DEL SOL LN, DIAMOND BAR, CA 91765. Full name of registrant(s) is (are) SEBASTIAN LEZEQUIEL AVALOS. This Business is conducted by: AN INDIVIDUAL. Signed: SEBASTIAN LEZEQUIEL AVALOS.
Dates Pub: NOV 09, 16, 23, 30, 2019
FICTITIOUS BUSINESS NAME STATEMENT
File No. 2019-286074 The following person(s) is (are) doing business as: HARI HAIR & CO GROUP. 1348 WAVECREST DR, LOS ANGELES, CA 90019. Full name of registrant(s) is (are) HARI KISHAN RANA SHEKAR. This Business is conducted by: AN INDIVIDUAL. Signed: HARI KISHAN RANA SHEKAR.
Dates Pub: NOV 09, 16, 23, 30, 2019
FICTITIOUS BUSINESS NAME STATEMENT
File No. 2019-285182 The following person(s) is (are) doing business as: ISUR LANDSCAPING. 3851 INDIO MONTEREY AVE, NORWALK, CA 90650. Full name of registrant(s) is (are) MARCEL PONCE PARRA. This Business is conducted by: AN INDIVIDUAL. Signed: MARCEL PONCE PARRA.
Dates Pub: NOV 09, 16, 23, 30, 2019
FICTITIOUS BUSINESS NAME STATEMENT
File No. 2019-284920 The following person(s) is (are) doing business as: JAYS INTERNATIONAL. 17416 GEMINI ST, LA PUENTE, CA 91744. Full name of registrant(s) is (are) JASON SERRANO. This Business is conducted by: A MARRIED COUPLE. Signed: FRANK SERRANO.
Dates Pub: NOV 09, 16, 23, 30, 2019
FICTITIOUS BUSINESS NAME STATEMENT
File No. 2019-283173 The following person(s) is (are) doing business as: JC CONTRERAS TRUCKING. 13303 FOXLEY DR, WHITTIER, CA 90605. Full name of registrant(s) is (are) JOSE JUAN CONTRERAS-ESPINOZA. This Business is conducted by: AN INDIVIDUAL. Signed: JOSE JUAN CONTRERAS-ESPINOZA.
Dates Pub: NOV 09, 16, 23, 30, 2019
FICTITIOUS BUSINESS NAME STATEMENT
File No. 2019-286415 The following person(s) is (are) doing business as: JP CONSTRUCTION. 207 E 97TH ST, LOS ANGELES, CA 90003. Full name of registrant(s) is (are) JOSE PORTILLO. This Business is conducted by: AN INDIVIDUAL. Signed: JOSE PORTILLO.
Dates Pub: NOV 09, 16, 23, 30, 2019
FICTITIOUS BUSINESS NAME STATEMENT
File No. 2019-283319 The following person(s) is (are) doing business as: LOVE YOUR COLLECTION. 250 E 18TH STREET, LONG BEACH, CA 90813. Full name of registrant(s) is (are) LOVE YOUR COLLECTION, LLC. This Business is conducted by: A LIMITED LIABILITY COMPANY. Signed: CHRISTEL MURRAY.
Mountain Views News 80 W Sierra Madre Blvd. No. 327 Sierra Madre, Ca. 91024 Office: 626.355.2737 Fax: 626.609.3285 Email: editor@mtnviewsnews.com Website: www.mtnviewsnews.com
